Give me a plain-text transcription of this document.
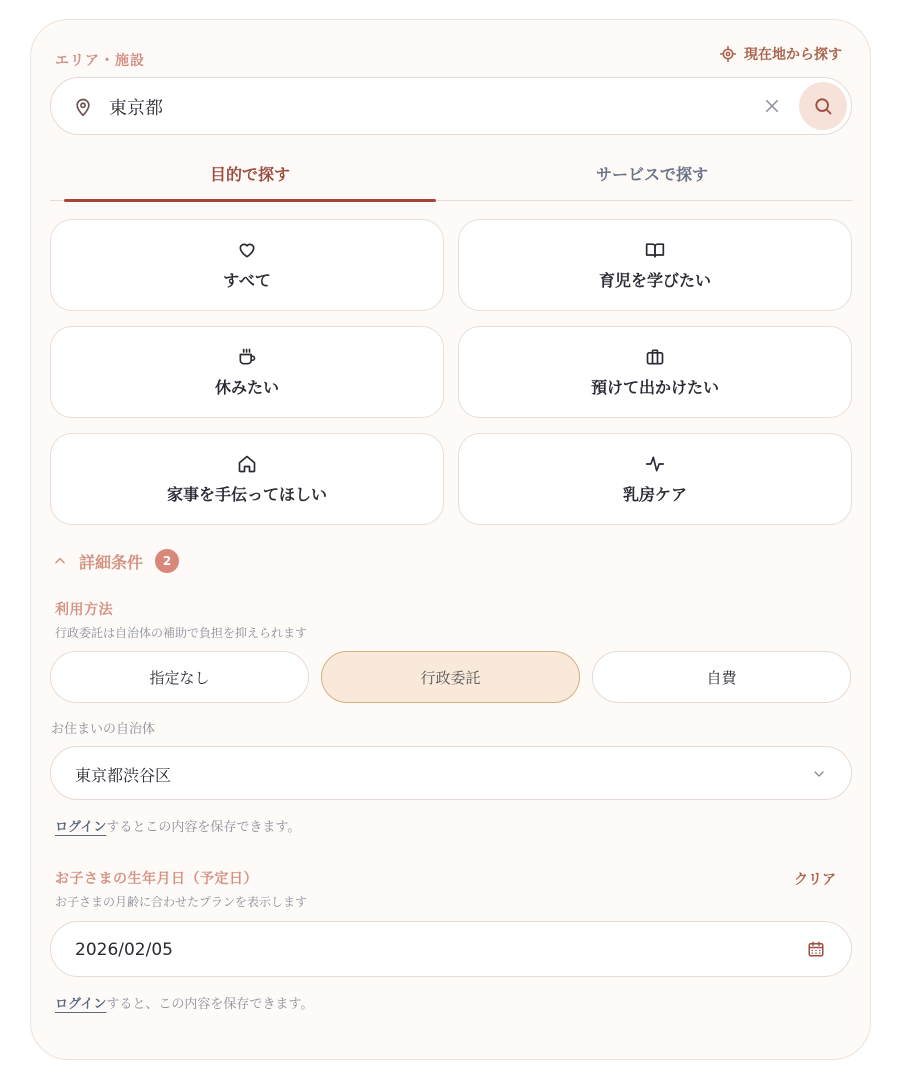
エリア・施設	現在地から探す
東京都
目的で探す	サービスで探す
すべて	育児を学びたい
休みたい	預けて出かけたい
家事を手伝ってほしい	乳房ケア
詳細条件	2
利用方法
行政委託は自治体の補助で負担を抑えられます
指定なし	行政委託	自費
お住まいの自治体
東京都渋谷区
ログインするとこの内容を保存できます。
お子さまの生年月日（予定日）	クリア
お子さまの月齢に合わせたプランを表示します
2026/02/05
ログインすると、この内容を保存できます。
